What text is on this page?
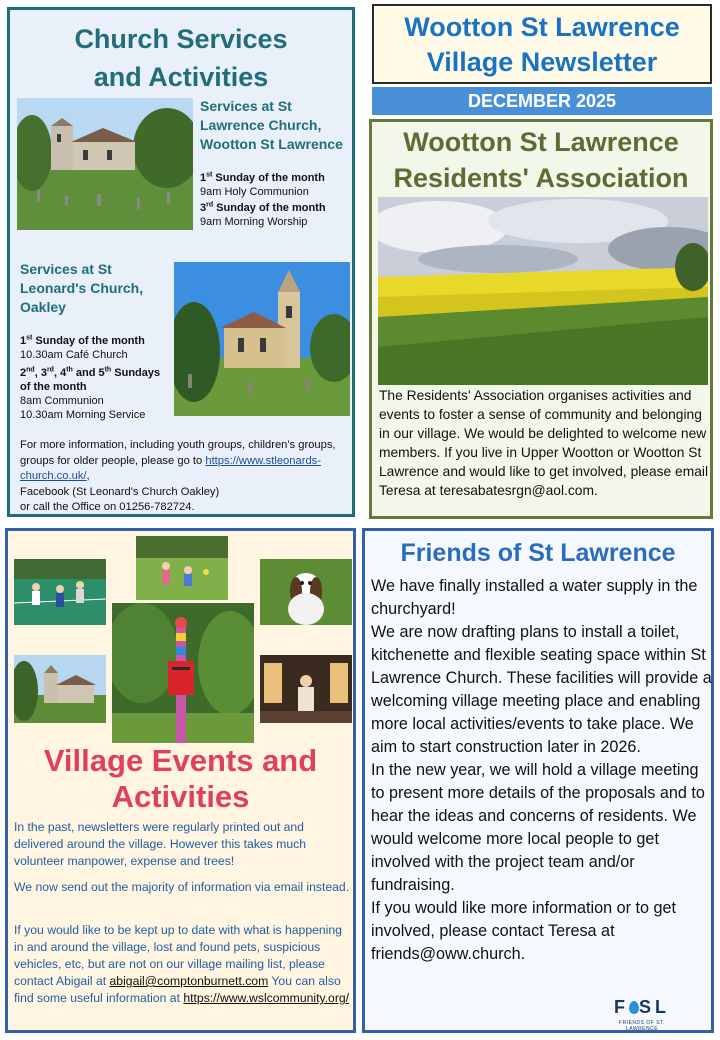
Church Services
and Activities
Services at St
Lawrence Church,
Wootton St Lawrence
1st Sunday of the month
9am Holy Communion
3rd Sunday of the month
9am Morning Worship
Services at St
Leonard's Church,
Oakley
1st Sunday of the month
10.30am Café Church
2nd, 3rd, 4th and 5th Sundays
of the month
8am Communion
10.30am Morning Service
For more information, including youth groups, children's groups, groups for older people, please go to https://www.stleonards-church.co.uk/,
Facebook (St Leonard's Church Oakley)
or call the Office on 01256-782724.
Wootton St Lawrence
Village Newsletter
DECEMBER 2025
Wootton St Lawrence
Residents' Association
The Residents' Association organises activities and events to foster a sense of community and belonging in our village. We would be delighted to welcome new members. If you live in Upper Wootton or Wootton St Lawrence and would like to get involved, please email Teresa at teresabatesrgn@aol.com.
Village Events and
Activities
In the past, newsletters were regularly printed out and delivered around the village. However this takes much volunteer manpower, expense and trees!
We now send out the majority of information via email instead.
If you would like to be kept up to date with what is happening in and around the village, lost and found pets, suspicious vehicles, etc, but are not on our village mailing list, please contact Abigail at abigail@comptonburnett.com You can also find some useful information at https://www.wslcommunity.org/
Friends of St Lawrence
We have finally installed a water supply in the churchyard!
We are now drafting plans to install a toilet, kitchenette and flexible seating space within St Lawrence Church. These facilities will provide a welcoming village meeting place and enabling more local activities/events to take place. We aim to start construction later in 2026.
In the new year, we will hold a village meeting to present more details of the proposals and to hear the ideas and concerns of residents. We would welcome more local people to get involved with the project team and/or fundraising.
If you would like more information or to get involved, please contact Teresa at friends@oww.church.
F SL
FRIENDS OF ST. LAWRENCE
